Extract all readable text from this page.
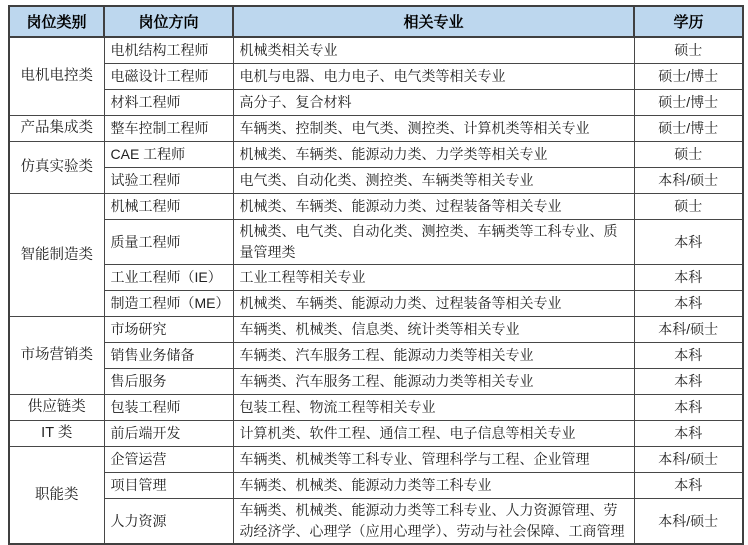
岗位类别	岗位方向	相关专业	学历
电机电控类	电机结构工程师	机械类相关专业	硕士
	电磁设计工程师	电机与电器、电力电子、电气类等相关专业	硕士/博士
	材料工程师	高分子、复合材料	硕士/博士
产品集成类	整车控制工程师	车辆类、控制类、电气类、测控类、计算机类等相关专业	硕士/博士
仿真实验类	CAE 工程师	机械类、车辆类、能源动力类、力学类等相关专业	硕士
	试验工程师	电气类、自动化类、测控类、车辆类等相关专业	本科/硕士
智能制造类	机械工程师	机械类、车辆类、能源动力类、过程装备等相关专业	硕士
	质量工程师	机械类、电气类、自动化类、测控类、车辆类等工科专业、质量管理类	本科
	工业工程师（IE）	工业工程等相关专业	本科
	制造工程师（ME）	机械类、车辆类、能源动力类、过程装备等相关专业	本科
市场营销类	市场研究	车辆类、机械类、信息类、统计类等相关专业	本科/硕士
	销售业务储备	车辆类、汽车服务工程、能源动力类等相关专业	本科
	售后服务	车辆类、汽车服务工程、能源动力类等相关专业	本科
供应链类	包装工程师	包装工程、物流工程等相关专业	本科
IT 类	前后端开发	计算机类、软件工程、通信工程、电子信息等相关专业	本科
职能类	企管运营	车辆类、机械类等工科专业、管理科学与工程、企业管理	本科/硕士
	项目管理	车辆类、机械类、能源动力类等工科专业	本科
	人力资源	车辆类、机械类、能源动力类等工科专业、人力资源管理、劳动经济学、心理学（应用心理学）、劳动与社会保障、工商管理	本科/硕士
